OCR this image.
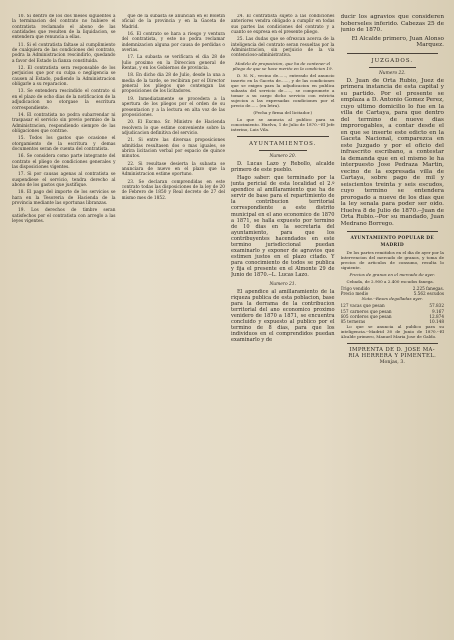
10. Si dentro de los dos meses siguientes a la terminacion del contrato no hubiere el contratista reclamado el abono de las cantidades que resulten de la liquidacion, se entendera que renuncia a ellas.

11. Si el contratista faltase al cumplimiento de cualquiera de las condiciones del contrato, podra la Administracion rescindirlo, quedando a favor del Estado la fianza constituida.

12. El contratista sera responsable de los perjuicios que por su culpa o negligencia se causen al Estado, pudiendo la Administracion obligarle a su reparacion.

13. Se entendera rescindido el contrato si en el plazo de ocho dias de la notificacion de la adjudicacion no otorgase la escritura correspondiente.

14. El contratista no podra subarrendar ni traspasar el servicio sin previo permiso de la Administracion, respondiendo siempre de las obligaciones que contrae.

15. Todos los gastos que ocasione el otorgamiento de la escritura y demas documentos seran de cuenta del contratista.

16. Se considera como parte integrante del contrato el pliego de condiciones generales y las disposiciones vigentes.

17. Si por causas agenas al contratista se suspendiese el servicio, tendra derecho al abono de los gastos que justifique.

18. El pago del importe de los servicios se hara en la Tesoreria de Hacienda de la provincia mediante las oportunas libranzas.

19. Los derechos de timbre seran satisfechos por el contratista con arreglo a las leyes vigentes.

que de la subasta se anuncian en el Boletin oficial de la provincia y en la Gaceta de Madrid.

16. El contrato se hara a riesgo y ventura del contratista, y este no podra reclamar indemnizacion alguna por causa de perdidas o averias.

17. La subasta se verificara el dia 28 de Julio proximo en la Direccion general de Rentas, y en los Gobiernos de provincia.

18. En dicho dia 28 de Julio, desde la una a media de la tarde, se recibiran por el Director general los pliegos que contengan las proposiciones de los licitadores.

19. Inmediatamente se procedera a la apertura de los pliegos por el orden de su presentacion y a la lectura en alta voz de las proposiciones.

20. El Excmo. Sr. Ministro de Hacienda resolvera lo que estime conveniente sobre la adjudicacion definitiva del servicio.

21. Si entre las diversas proposiciones admitidas resultasen dos o mas iguales, se abrira licitacion verbal por espacio de quince minutos.

22. Si resultase desierta la subasta se anunciara de nuevo en el plazo que la Administracion estime oportuno.

23. Se declaran comprendidas en este contrato todas las disposiciones de la ley de 20 de Febrero de 1850 y Real decreto de 27 del mismo mes de 1852.

24. El contratista sujeto a las condiciones anteriores vendra obligado a cumplir en todas sus partes las condiciones del contrato y a cuanto se expresa en el presente pliego.

25. Las dudas que se ofrezcan acerca de la inteligencia del contrato seran resueltas por la Administracion, sin perjuicio de la via contencioso-administrativa.

Modelo de proposicion, que ha de contener el pliego de que se hace merito en la condicion 19.

D. N. N., vecino de......, enterado del anuncio inserto en la Gaceta de......, y de las condiciones que se exigen para la adjudicacion en publica subasta del servicio de......, se compromete a tomar a su cargo dicho servicio con estricta sujecion a las expresadas condiciones por el precio de...... (en letra).

(Fecha y firma del licitador.)

Lo que se anuncia al publico para su conocimiento. Huelva, 1 de Julio de 1870.--El Jefe interino, Luis Vila.

AYUNTAMIENTOS.
Numero 20.

D. Lucas Lazo y Rebollo, alcalde primero de este pueblo.

Hago saber: que terminado por la junta pericial de esta localidad el 2.º apendice al amillaramiento que ha de servir de base para el repartimiento de la contribucion territorial correspondiente a este distrito municipal en el ano economico de 1870 a 1871, se halla expuesto por termino de 10 dias en la secretaria del ayuntamiento, para que los contribuyentes hacendados en este termino jurisdiccional puedan examinarlo y exponer de agravios que estimen justos en el plazo citado. Y para conocimiento de todos se publica y fija el presente en el Almonte 29 de Junio de 1870.--L. Lucas Lazo.

Numero 21.

El apendice al amillaramiento de la riqueza publica de esta poblacion, base para la derrama de la contribucion territorial del ano economico proximo venidero de 1870 a 1871, se encuentra concluido y expuesto al publico por el termino de 8 dias, para que los individuos en el comprendidos puedan examinarlo y de

ducir los agravios que consideren hoberseles inferido. Cabezas 25 de junio de 1870.

El Alcalde primero, Juan Alonso Marquez.

JUZGADOS.
Numero 22.

D. Juan de Orta Rubio, Juez de primera instancia de esta capital y su partido. Por el presente se emplaza a D. Antonio Gomez Perez, cuyo ultimo domicilio lo fue en la villa de Cartaya, para que dentro del termino de nueve dias improrogables, a contar desde el en que se inserte este edicto en la Gaceta Nacional, comparezca en este Juzgado y por el oficio del infrascrito escribano, a contestar la demanda que en el mismo le ha interpuesto Jose Pedraza Martin, vecino de la expresada villa de Cartaya, sobre pago de mil y seiscientos treinta y seis escudos, cuyo termino se entendera prorogado a nueve de los dias que la ley senala para poder ser oido. Huelva 8 de Julio de 1870.--Juan de Orta Rubio.--Por su mandado, Juan Medrano Borrego.

AYUNTAMIENTO POPULAR DE
MADRID

De los partes remitidos en el dia de ayer por la Intervencion del mercado de granos, y toma de precios de articulos de consumo, resulta lo siguiente.

Precios de granos en el mercado de ayer.

Cebada, de 2.900 a 2.400 escudos fanega.

Trigo vendido	2.225 fanegas.
Precio medio	5.562 escudos

Nota.--Reses degolladas ayer.

127 vacas que pesan	57.832
157 carneros que pesan	9.167
605 corderos que pesan	12.874
85 terneras	10.148

Lo que se anuncia al publico para su inteligencia.--Madrid 30 de Junio de 1870.--El Alcalde primero, Manuel Maria Jose de Galdo.

IMPRENTA DE D. JOSE MA-
RIA HERRERA Y PIMENTEL.
Monjas, 3.
